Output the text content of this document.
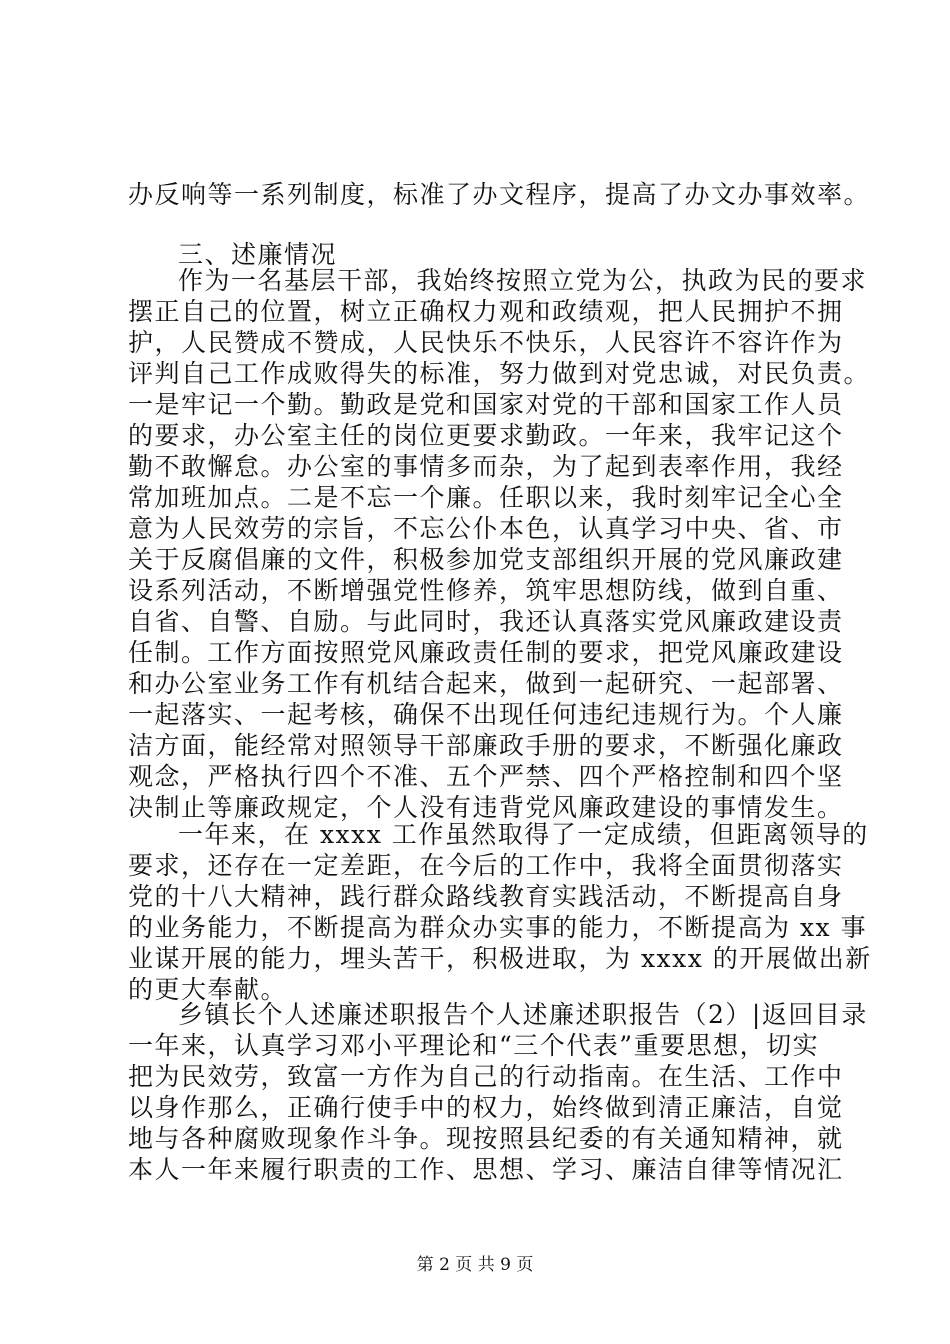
办反响等一系列制度，标准了办文程序，提高了办文办事效率。
三、述廉情况
作为一名基层干部，我始终按照立党为公，执政为民的要求
摆正自己的位置，树立正确权力观和政绩观，把人民拥护不拥
护，人民赞成不赞成，人民快乐不快乐，人民容许不容许作为
评判自己工作成败得失的标准，努力做到对党忠诚，对民负责。
一是牢记一个勤。勤政是党和国家对党的干部和国家工作人员
的要求，办公室主任的岗位更要求勤政。一年来，我牢记这个
勤不敢懈怠。办公室的事情多而杂，为了起到表率作用，我经
常加班加点。二是不忘一个廉。任职以来，我时刻牢记全心全
意为人民效劳的宗旨，不忘公仆本色，认真学习中央、省、市
关于反腐倡廉的文件，积极参加党支部组织开展的党风廉政建
设系列活动，不断增强党性修养，筑牢思想防线，做到自重、
自省、自警、自励。与此同时，我还认真落实党风廉政建设责
任制。工作方面按照党风廉政责任制的要求，把党风廉政建设
和办公室业务工作有机结合起来，做到一起研究、一起部署、
一起落实、一起考核，确保不出现任何违纪违规行为。个人廉
洁方面，能经常对照领导干部廉政手册的要求，不断强化廉政
观念，严格执行四个不准、五个严禁、四个严格控制和四个坚
决制止等廉政规定，个人没有违背党风廉政建设的事情发生。
一年来，在 xxxx 工作虽然取得了一定成绩，但距离领导的
要求，还存在一定差距，在今后的工作中，我将全面贯彻落实
党的十八大精神，践行群众路线教育实践活动，不断提高自身
的业务能力，不断提高为群众办实事的能力，不断提高为 xx 事
业谋开展的能力，埋头苦干，积极进取，为 xxxx 的开展做出新
的更大奉献。
乡镇长个人述廉述职报告个人述廉述职报告（2）|返回目录
一年来，认真学习邓小平理论和“三个代表”重要思想，切实
把为民效劳，致富一方作为自己的行动指南。在生活、工作中
以身作那么，正确行使手中的权力，始终做到清正廉洁，自觉
地与各种腐败现象作斗争。现按照县纪委的有关通知精神，就
本人一年来履行职责的工作、思想、学习、廉洁自律等情况汇
第 2 页 共 9 页
